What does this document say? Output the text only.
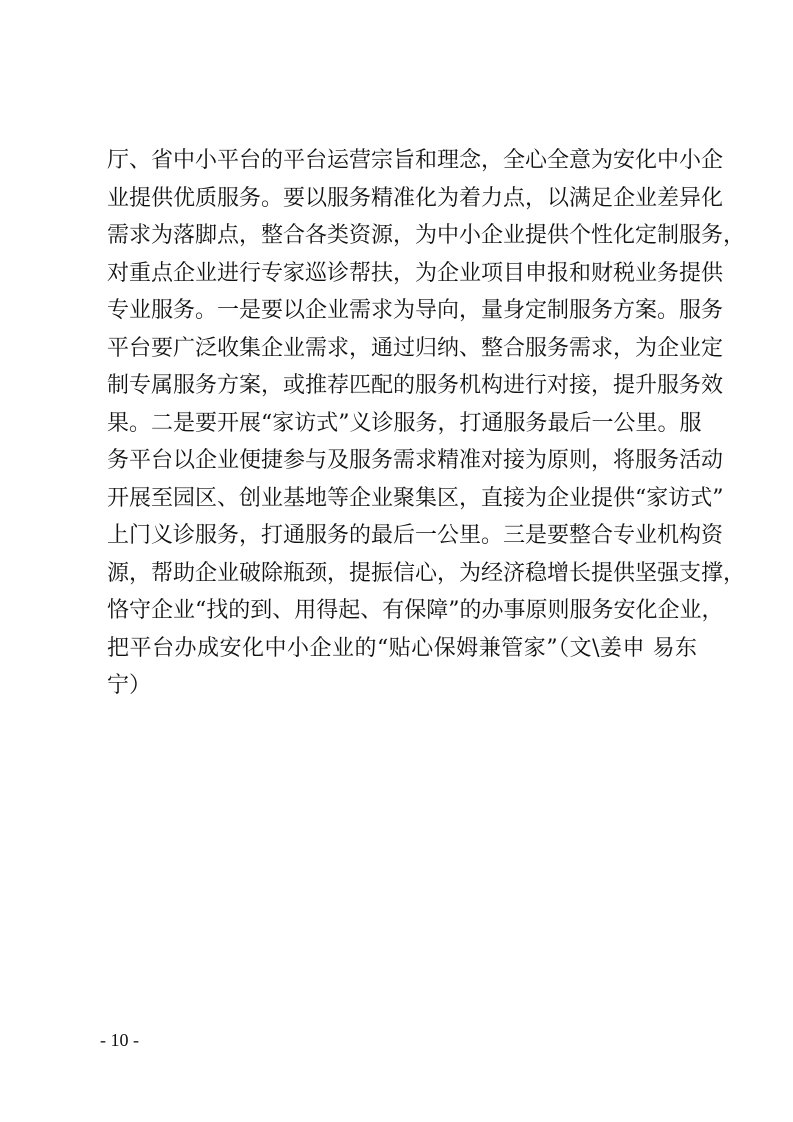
厅、省中小平台的平台运营宗旨和理念，全心全意为安化中小企
业提供优质服务。要以服务精准化为着力点，以满足企业差异化
需求为落脚点，整合各类资源，为中小企业提供个性化定制服务，
对重点企业进行专家巡诊帮扶，为企业项目申报和财税业务提供
专业服务。一是要以企业需求为导向，量身定制服务方案。服务
平台要广泛收集企业需求，通过归纳、整合服务需求，为企业定
制专属服务方案，或推荐匹配的服务机构进行对接，提升服务效
果。二是要开展“家访式”义诊服务，打通服务最后一公里。服
务平台以企业便捷参与及服务需求精准对接为原则，将服务活动
开展至园区、创业基地等企业聚集区，直接为企业提供“家访式”
上门义诊服务，打通服务的最后一公里。三是要整合专业机构资
源，帮助企业破除瓶颈，提振信心，为经济稳增长提供坚强支撑，
恪守企业“找的到、用得起、有保障”的办事原则服务安化企业，
把平台办成安化中小企业的“贴心保姆兼管家”（文\姜申 易东
宁）
- 10 -
